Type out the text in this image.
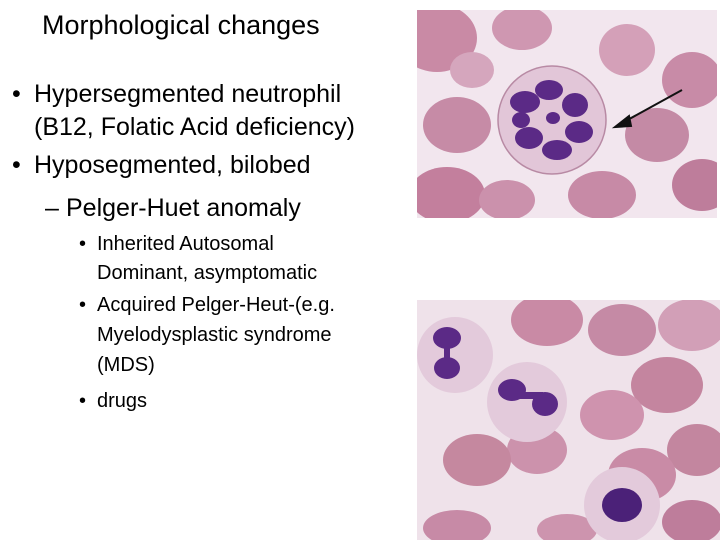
Morphological changes
• Hypersegmented neutrophil
(B12, Folatic Acid deficiency)
• Hyposegmented, bilobed
– Pelger-Huet anomaly
• Inherited Autosomal
Dominant, asymptomatic
• Acquired Pelger-Heut-(e.g.
Myelodysplastic syndrome
(MDS)
• drugs
